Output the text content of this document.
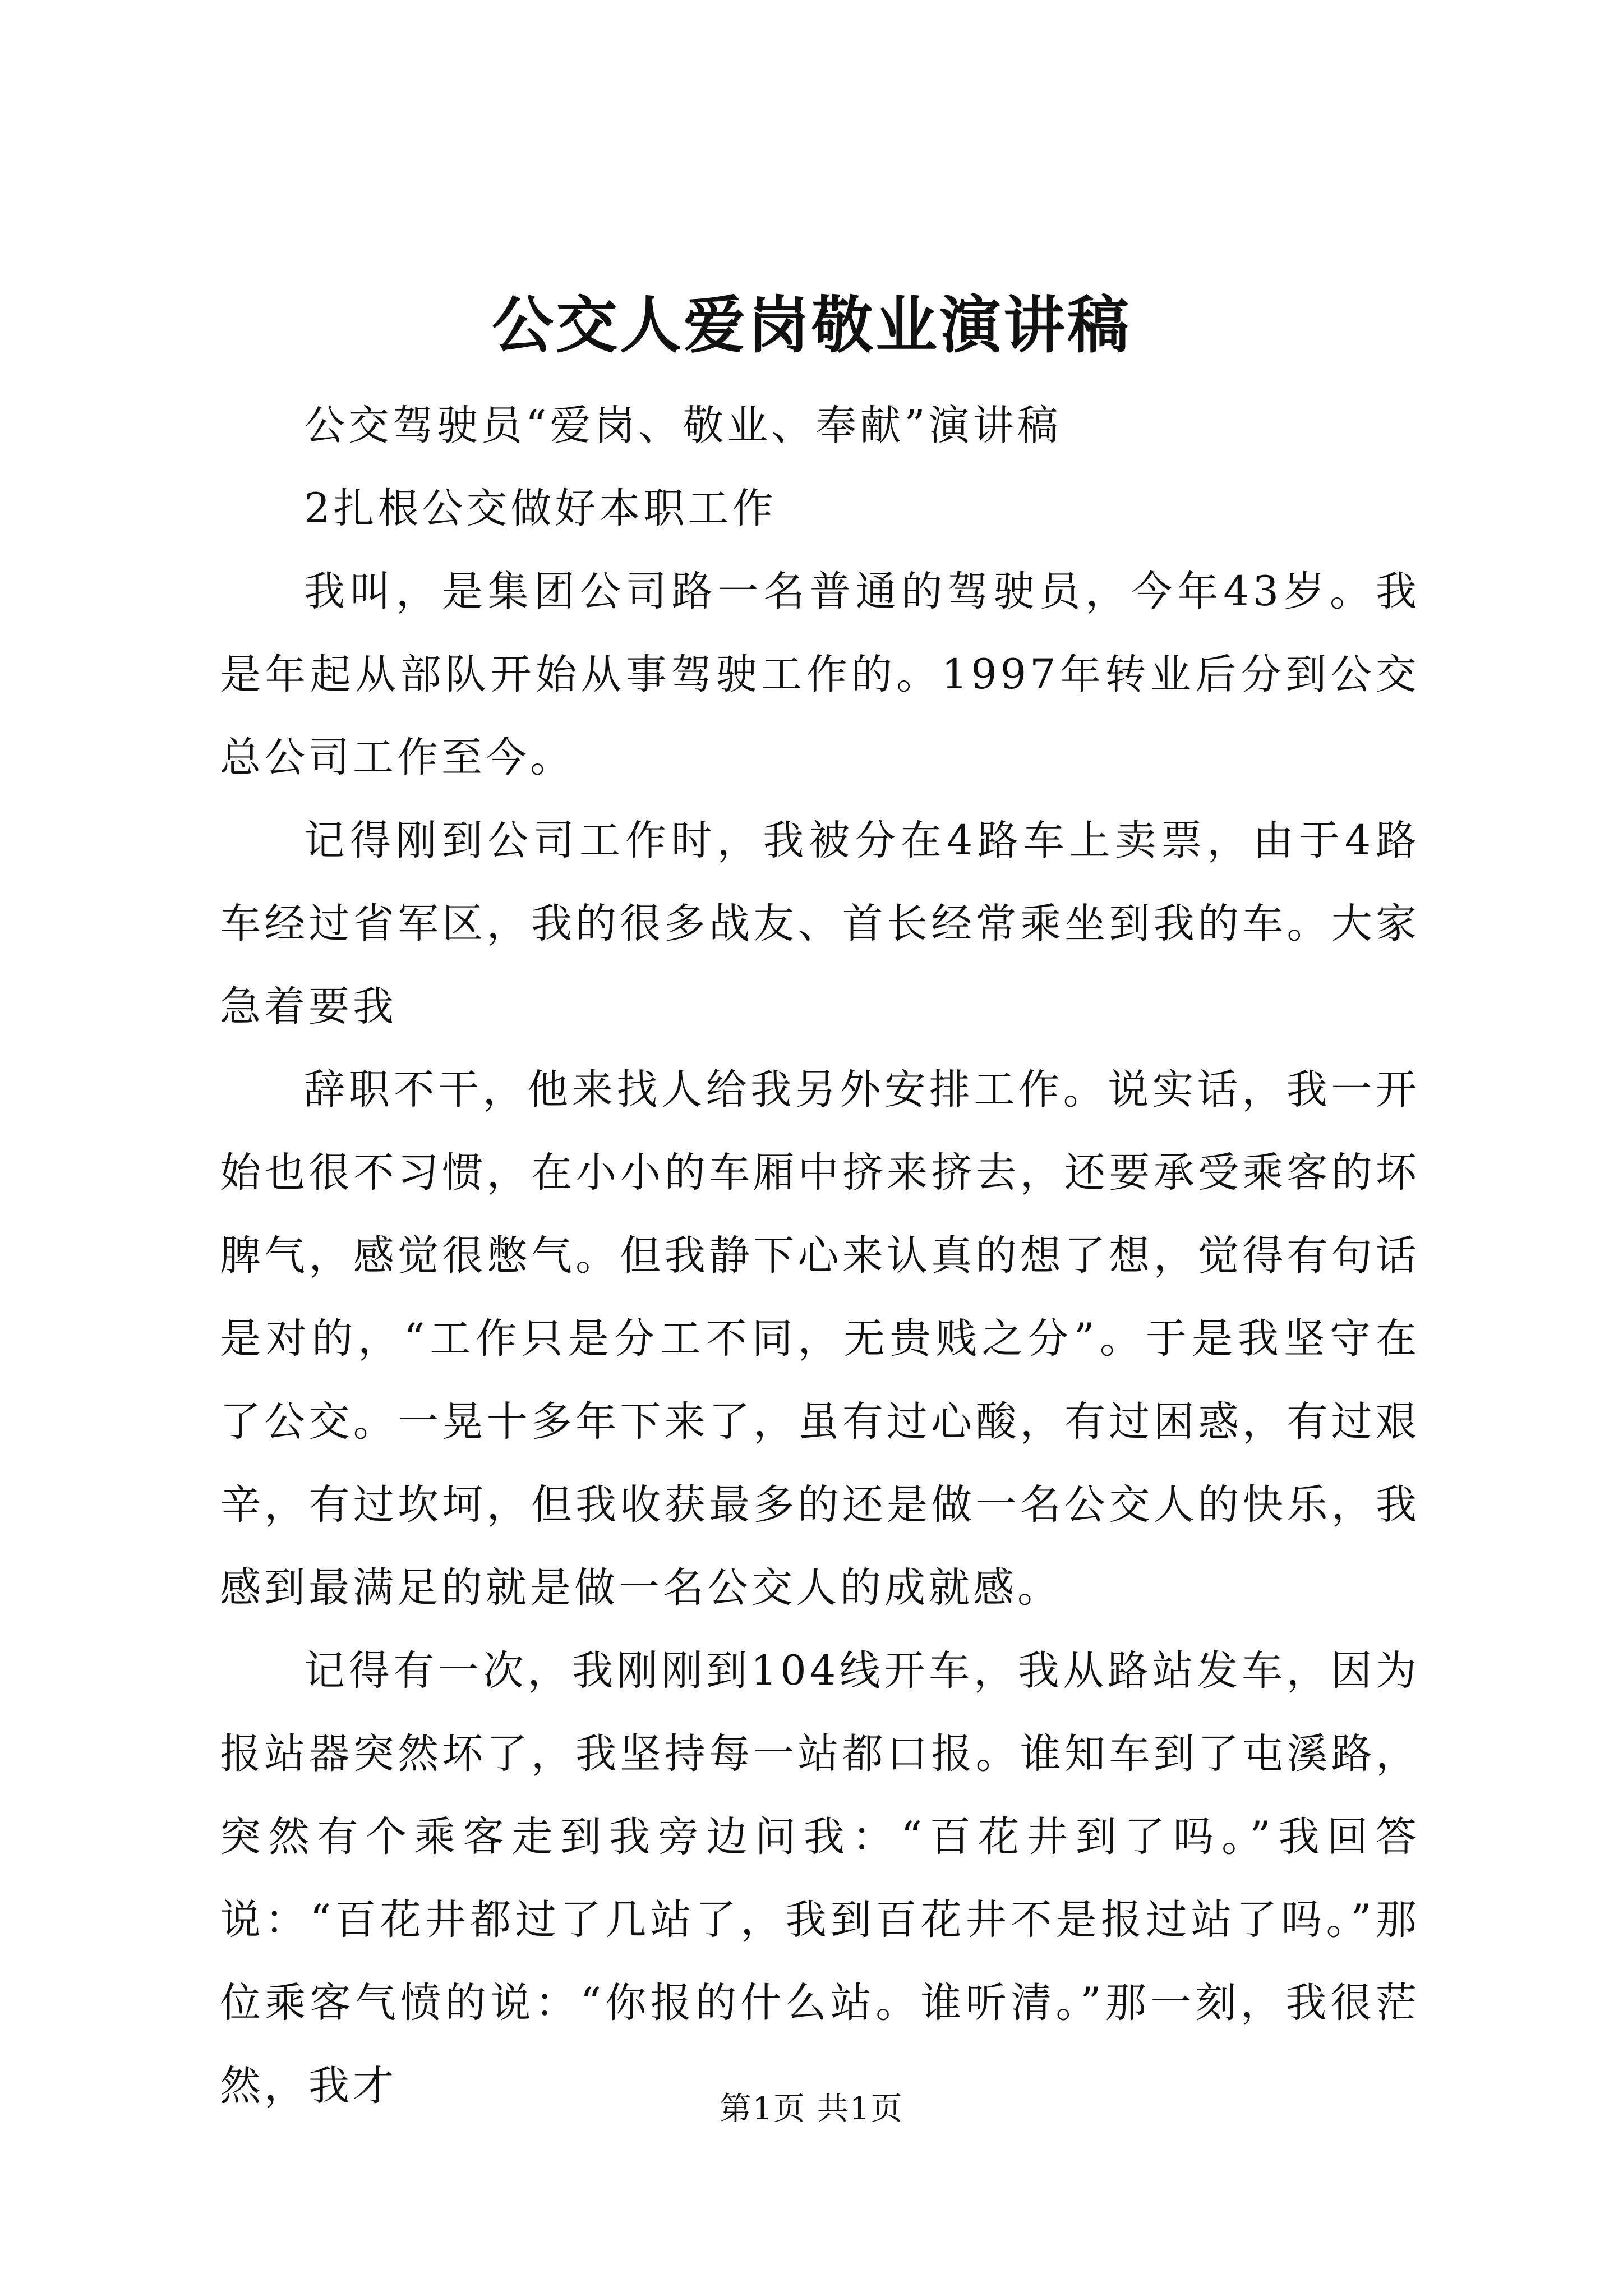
公交人爱岗敬业演讲稿

公交驾驶员“爱岗、敬业、奉献”演讲稿

2扎根公交做好本职工作

我叫，是集团公司路一名普通的驾驶员，今年43岁。我是年起从部队开始从事驾驶工作的。1997年转业后分到公交总公司工作至今。

记得刚到公司工作时，我被分在4路车上卖票，由于4路车经过省军区，我的很多战友、首长经常乘坐到我的车。大家急着要我

辞职不干，他来找人给我另外安排工作。说实话，我一开始也很不习惯，在小小的车厢中挤来挤去，还要承受乘客的坏脾气，感觉很憋气。但我静下心来认真的想了想，觉得有句话是对的，“工作只是分工不同，无贵贱之分”。于是我坚守在了公交。一晃十多年下来了，虽有过心酸，有过困惑，有过艰辛，有过坎坷，但我收获最多的还是做一名公交人的快乐，我感到最满足的就是做一名公交人的成就感。

记得有一次，我刚刚到104线开车，我从路站发车，因为报站器突然坏了，我坚持每一站都口报。谁知车到了屯溪路，突然有个乘客走到我旁边问我：“百花井到了吗。”我回答说：“百花井都过了几站了，我到百花井不是报过站了吗。”那位乘客气愤的说：“你报的什么站。谁听清。”那一刻，我很茫然，我才	第1页 共1页
